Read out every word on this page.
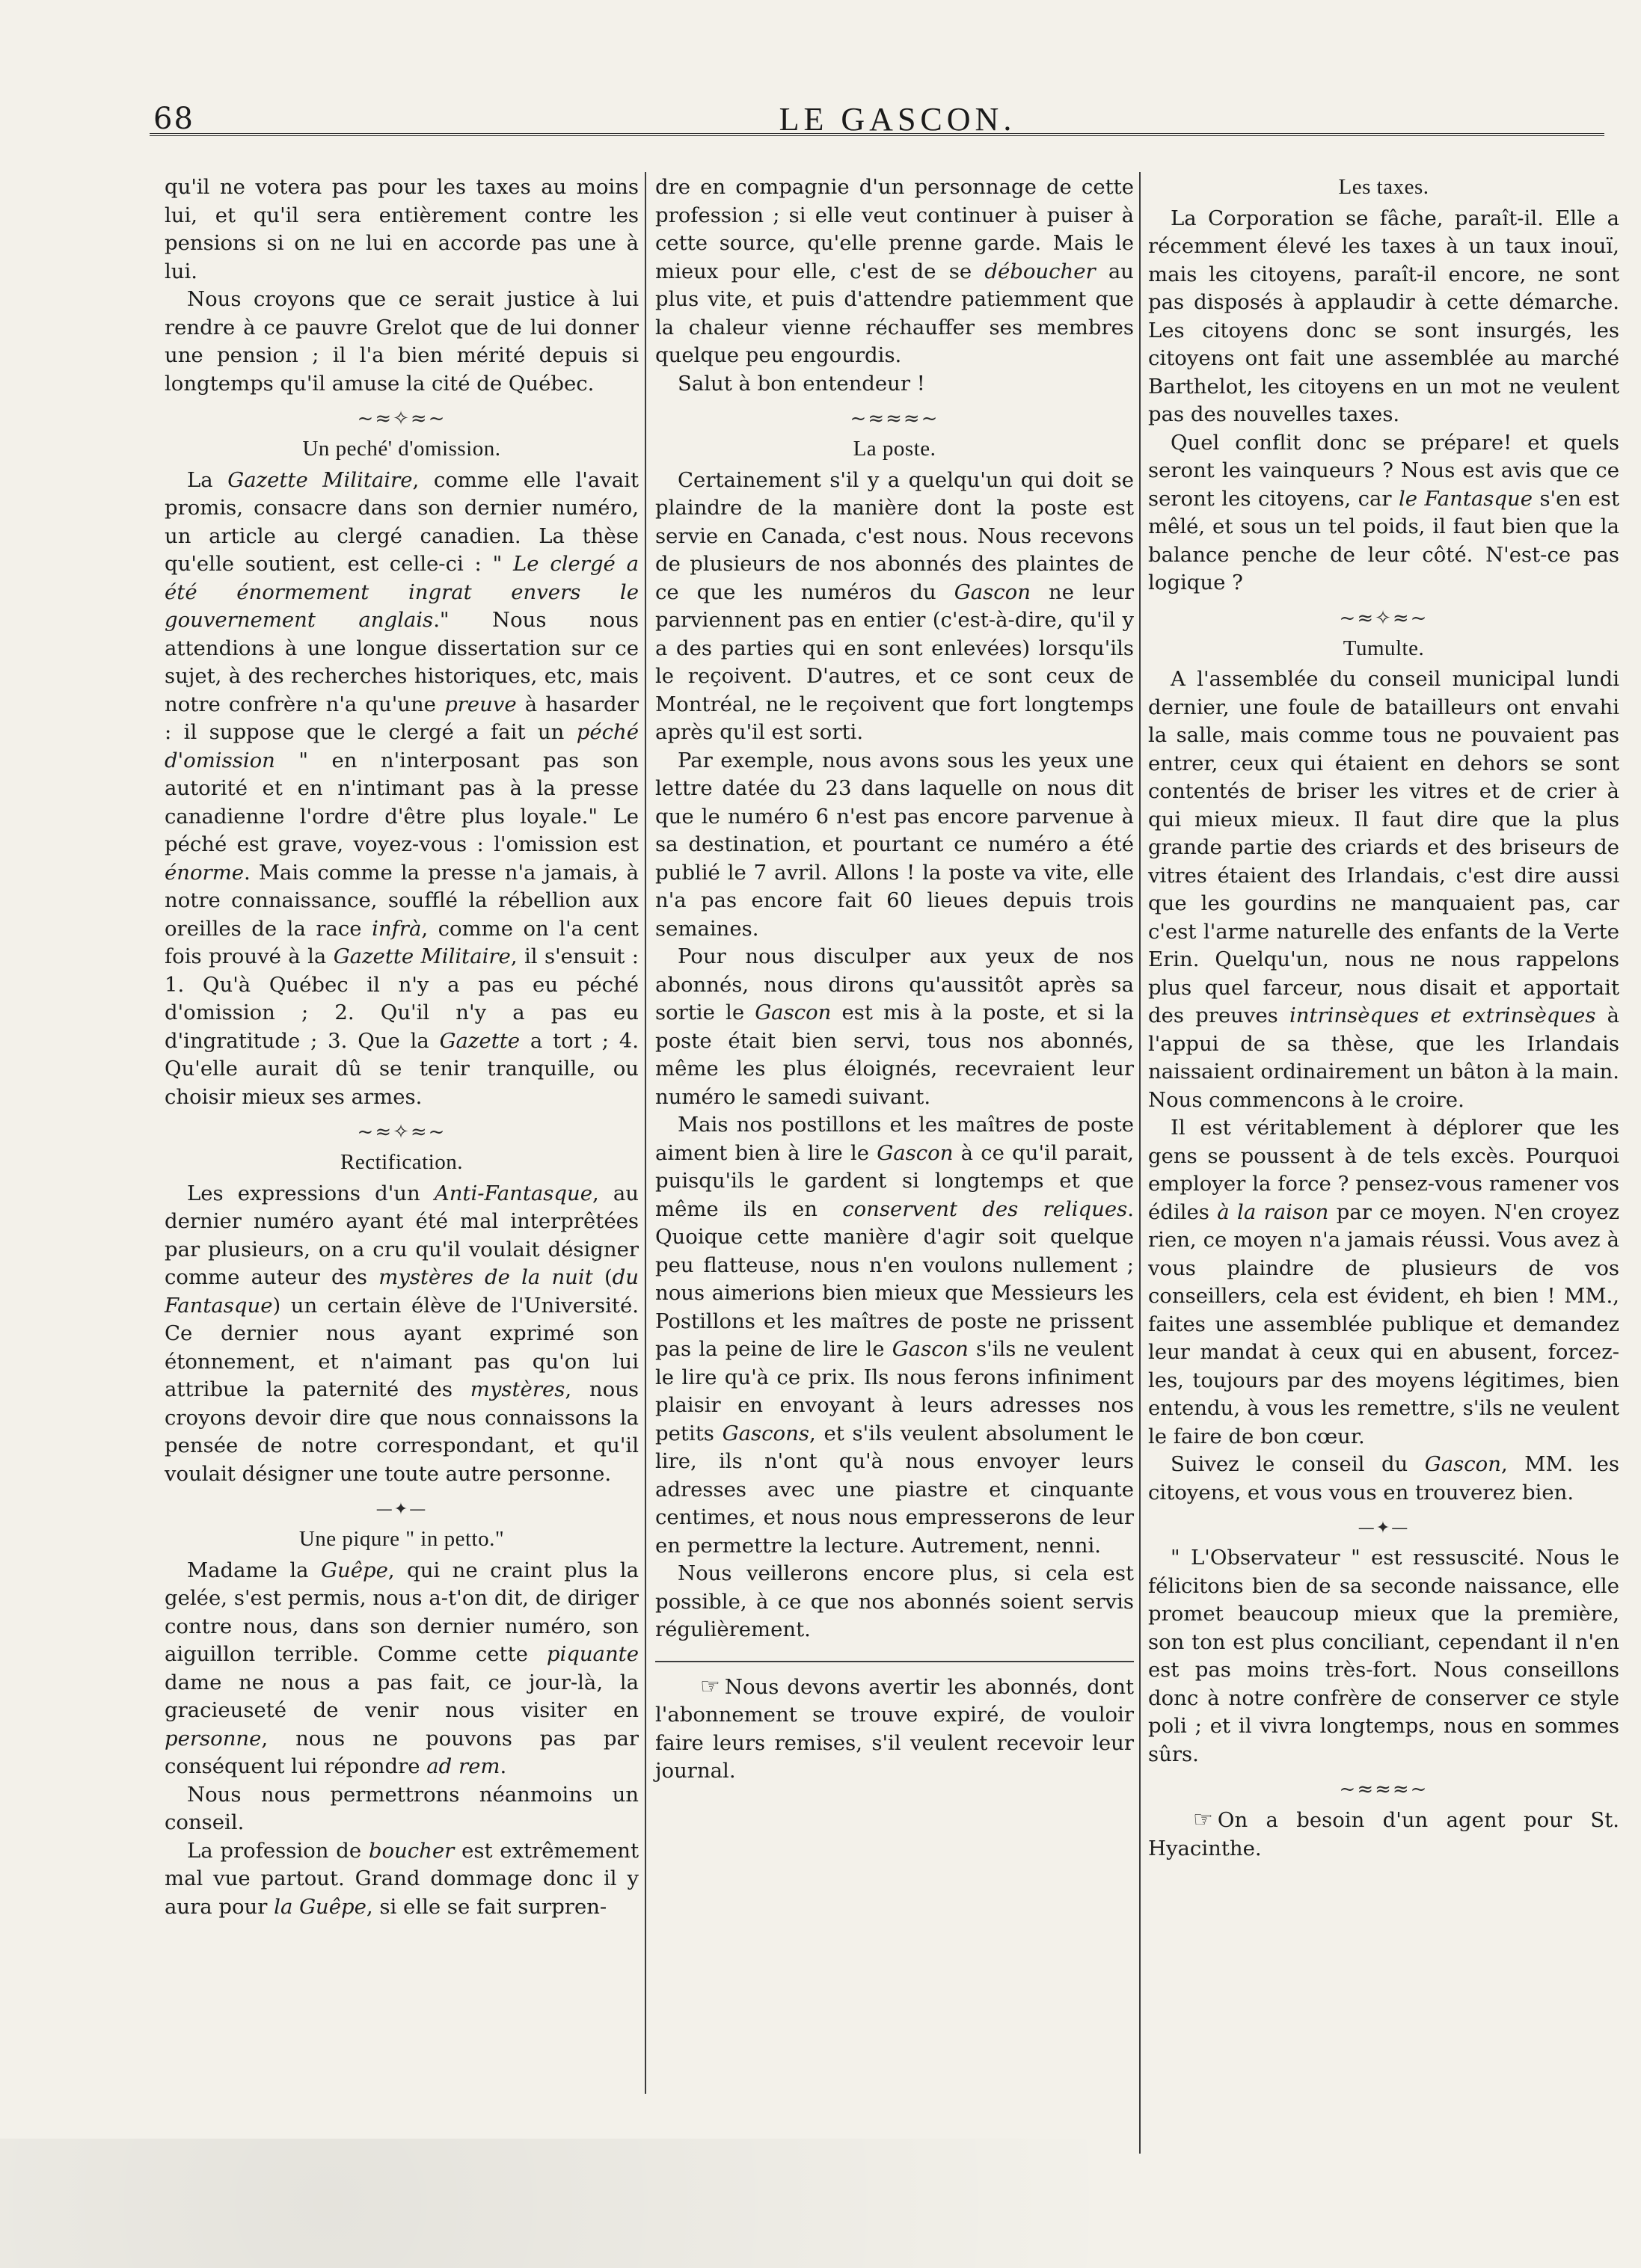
68	LE GASCON.

qu'il ne votera pas pour les taxes au moins lui, et qu'il sera entièrement contre les pensions si on ne lui en accorde pas une à lui.

Nous croyons que ce serait justice à lui rendre à ce pauvre Grelot que de lui donner une pension ; il l'a bien mérité depuis si longtemps qu'il amuse la cité de Québec.

~≈✧≈~
Un peché' d'omission.

La Gazette Militaire, comme elle l'avait promis, consacre dans son dernier numéro, un article au clergé canadien. La thèse qu'elle soutient, est celle-ci : " Le clergé a été énormement ingrat envers le gouvernement anglais." Nous nous attendions à une longue dissertation sur ce sujet, à des recherches historiques, etc, mais notre confrère n'a qu'une preuve à hasarder : il suppose que le clergé a fait un péché d'omission " en n'interposant pas son autorité et en n'intimant pas à la presse canadienne l'ordre d'être plus loyale." Le péché est grave, voyez-vous : l'omission est énorme. Mais comme la presse n'a jamais, à notre connaissance, soufflé la rébellion aux oreilles de la race infrà, comme on l'a cent fois prouvé à la Gazette Militaire, il s'ensuit : 1. Qu'à Québec il n'y a pas eu péché d'omission ; 2. Qu'il n'y a pas eu d'ingratitude ; 3. Que la Gazette a tort ; 4. Qu'elle aurait dû se tenir tranquille, ou choisir mieux ses armes.

~≈✧≈~
Rectification.

Les expressions d'un Anti-Fantasque, au dernier numéro ayant été mal interprêtées par plusieurs, on a cru qu'il voulait désigner comme auteur des mystères de la nuit (du Fantasque) un certain élève de l'Université. Ce dernier nous ayant exprimé son étonnement, et n'aimant pas qu'on lui attribue la paternité des mystères, nous croyons devoir dire que nous connaissons la pensée de notre correspondant, et qu'il voulait désigner une toute autre personne.

—✦—
Une piqure " in petto."

Madame la Guêpe, qui ne craint plus la gelée, s'est permis, nous a-t'on dit, de diriger contre nous, dans son dernier numéro, son aiguillon terrible. Comme cette piquante dame ne nous a pas fait, ce jour-là, la gracieuseté de venir nous visiter en personne, nous ne pouvons pas par conséquent lui répondre ad rem.

Nous nous permettrons néanmoins un conseil.

La profession de boucher est extrêmement mal vue partout. Grand dommage donc il y aura pour la Guêpe, si elle se fait surpren-

dre en compagnie d'un personnage de cette profession ; si elle veut continuer à puiser à cette source, qu'elle prenne garde. Mais le mieux pour elle, c'est de se déboucher au plus vite, et puis d'attendre patiemment que la chaleur vienne réchauffer ses membres quelque peu engourdis.

Salut à bon entendeur !

~≈≈≈~
La poste.

Certainement s'il y a quelqu'un qui doit se plaindre de la manière dont la poste est servie en Canada, c'est nous. Nous recevons de plusieurs de nos abonnés des plaintes de ce que les numéros du Gascon ne leur parviennent pas en entier (c'est-à-dire, qu'il y a des parties qui en sont enlevées) lorsqu'ils le reçoivent. D'autres, et ce sont ceux de Montréal, ne le reçoivent que fort longtemps après qu'il est sorti.

Par exemple, nous avons sous les yeux une lettre datée du 23 dans laquelle on nous dit que le numéro 6 n'est pas encore parvenue à sa destination, et pourtant ce numéro a été publié le 7 avril. Allons ! la poste va vite, elle n'a pas encore fait 60 lieues depuis trois semaines.

Pour nous disculper aux yeux de nos abonnés, nous dirons qu'aussitôt après sa sortie le Gascon est mis à la poste, et si la poste était bien servi, tous nos abonnés, même les plus éloignés, recevraient leur numéro le samedi suivant.

Mais nos postillons et les maîtres de poste aiment bien à lire le Gascon à ce qu'il parait, puisqu'ils le gardent si longtemps et que même ils en conservent des reliques. Quoique cette manière d'agir soit quelque peu flatteuse, nous n'en voulons nullement ; nous aimerions bien mieux que Messieurs les Postillons et les maîtres de poste ne prissent pas la peine de lire le Gascon s'ils ne veulent le lire qu'à ce prix. Ils nous ferons infiniment plaisir en envoyant à leurs adresses nos petits Gascons, et s'ils veulent absolument le lire, ils n'ont qu'à nous envoyer leurs adresses avec une piastre et cinquante centimes, et nous nous empresserons de leur en permettre la lecture. Autrement, nenni.

Nous veillerons encore plus, si cela est possible, à ce que nos abonnés soient servis régulièrement.

☞ Nous devons avertir les abonnés, dont l'abonnement se trouve expiré, de vouloir faire leurs remises, s'il veulent recevoir leur journal.

Les taxes.

La Corporation se fâche, paraît-il. Elle a récemment élevé les taxes à un taux inouï, mais les citoyens, paraît-il encore, ne sont pas disposés à applaudir à cette démarche. Les citoyens donc se sont insurgés, les citoyens ont fait une assemblée au marché Barthelot, les citoyens en un mot ne veulent pas des nouvelles taxes.

Quel conflit donc se prépare! et quels seront les vainqueurs ? Nous est avis que ce seront les citoyens, car le Fantasque s'en est mêlé, et sous un tel poids, il faut bien que la balance penche de leur côté. N'est-ce pas logique ?

~≈✧≈~
Tumulte.

A l'assemblée du conseil municipal lundi dernier, une foule de batailleurs ont envahi la salle, mais comme tous ne pouvaient pas entrer, ceux qui étaient en dehors se sont contentés de briser les vitres et de crier à qui mieux mieux. Il faut dire que la plus grande partie des criards et des briseurs de vitres étaient des Irlandais, c'est dire aussi que les gourdins ne manquaient pas, car c'est l'arme naturelle des enfants de la Verte Erin. Quelqu'un, nous ne nous rappelons plus quel farceur, nous disait et apportait des preuves intrinsèques et extrinsèques à l'appui de sa thèse, que les Irlandais naissaient ordinairement un bâton à la main. Nous commencons à le croire.

Il est véritablement à déplorer que les gens se poussent à de tels excès. Pourquoi employer la force ? pensez-vous ramener vos édiles à la raison par ce moyen. N'en croyez rien, ce moyen n'a jamais réussi. Vous avez à vous plaindre de plusieurs de vos conseillers, cela est évident, eh bien ! MM., faites une assemblée publique et demandez leur mandat à ceux qui en abusent, forcez-les, toujours par des moyens légitimes, bien entendu, à vous les remettre, s'ils ne veulent le faire de bon cœur.

Suivez le conseil du Gascon, MM. les citoyens, et vous vous en trouverez bien.

—✦—

" L'Observateur " est ressuscité. Nous le félicitons bien de sa seconde naissance, elle promet beaucoup mieux que la première, son ton est plus conciliant, cependant il n'en est pas moins très-fort. Nous conseillons donc à notre confrère de conserver ce style poli ; et il vivra longtemps, nous en sommes sûrs.

~≈≈≈~

☞ On a besoin d'un agent pour St. Hyacinthe.
